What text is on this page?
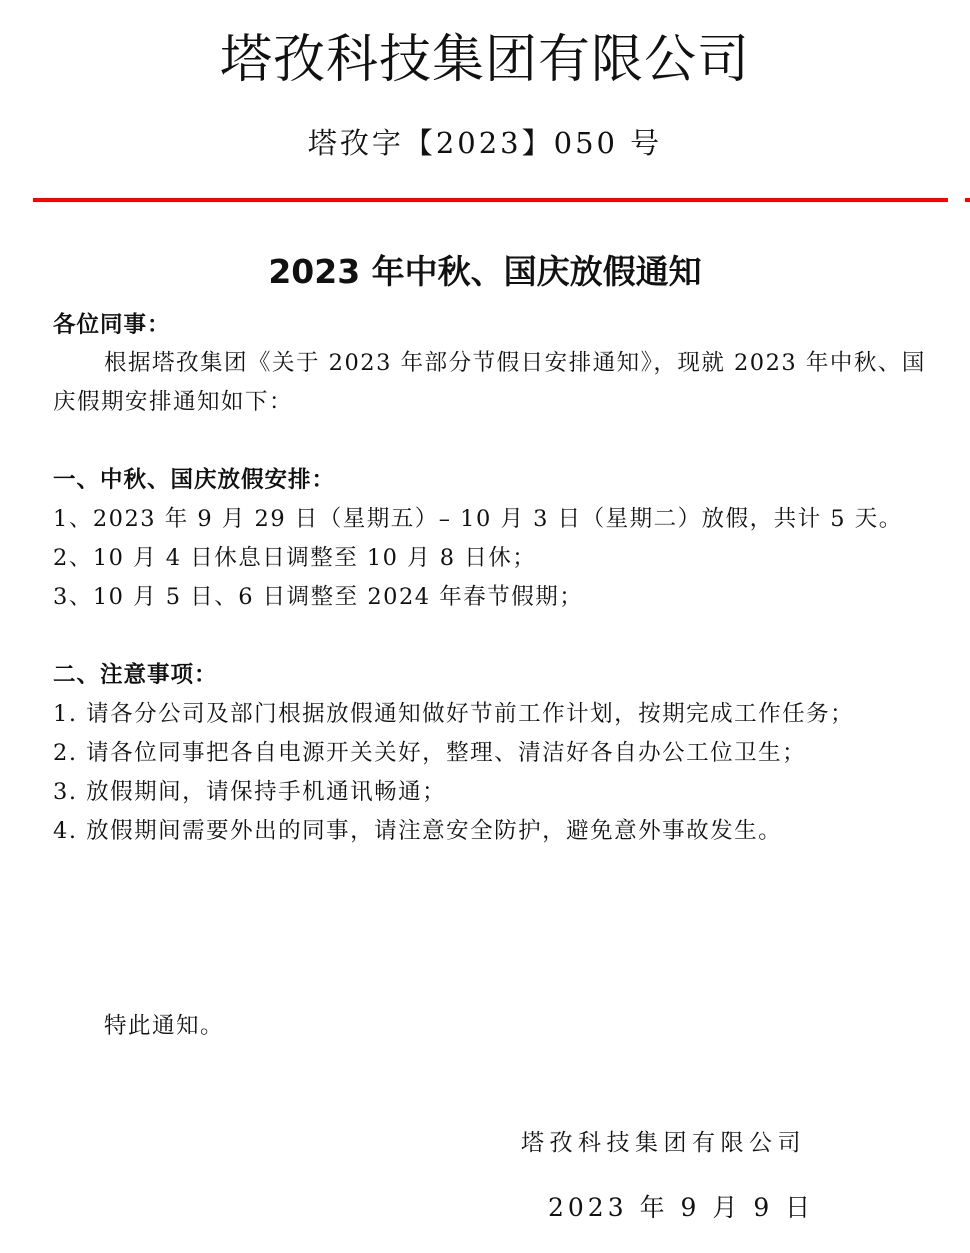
塔孜科技集团有限公司
塔孜字【2023】050 号
2023 年中秋、国庆放假通知
各位同事：
根据塔孜集团《关于 2023 年部分节假日安排通知》，现就 2023 年中秋、国
庆假期安排通知如下：
一、中秋、国庆放假安排：
1、2023 年 9 月 29 日（星期五）– 10 月 3 日（星期二）放假，共计 5 天。
2、10 月 4 日休息日调整至 10 月 8 日休；
3、10 月 5 日、6 日调整至 2024 年春节假期；
二、注意事项：
1. 请各分公司及部门根据放假通知做好节前工作计划，按期完成工作任务；
2. 请各位同事把各自电源开关关好，整理、清洁好各自办公工位卫生；
3. 放假期间，请保持手机通讯畅通；
4. 放假期间需要外出的同事，请注意安全防护，避免意外事故发生。
特此通知。
塔孜科技集团有限公司
2023 年 9 月 9 日
